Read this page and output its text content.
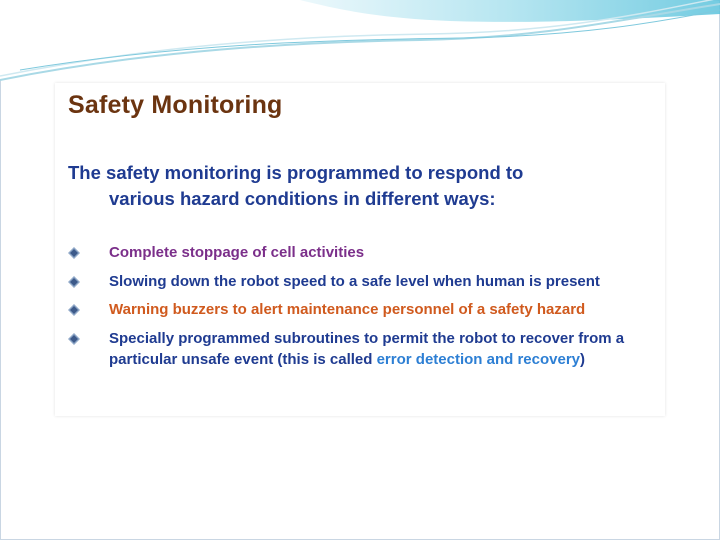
Safety Monitoring

The safety monitoring is programmed to respond to
various hazard conditions in different ways:

Complete stoppage of cell activities
Slowing down the robot speed to a safe level when human is present
Warning buzzers to alert maintenance personnel of a safety hazard
Specially programmed subroutines to permit the robot to recover from a particular unsafe event (this is called error detection and recovery)
